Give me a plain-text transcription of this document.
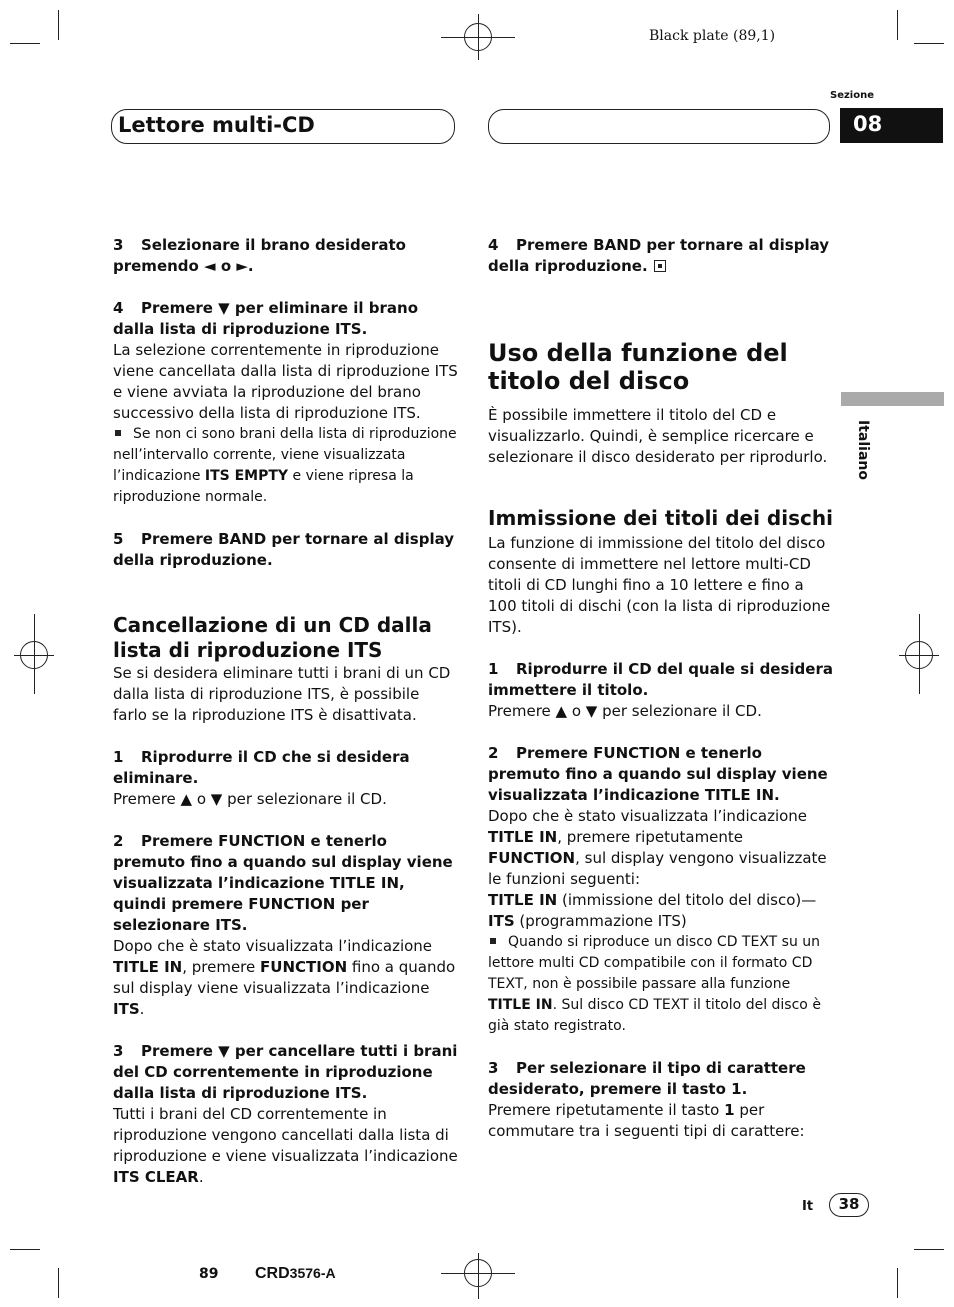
Black plate (89,1)
Sezione
Lettore multi-CD	08
Italiano

3 Selezionare il brano desiderato premendo ◄ o ►.

4 Premere ▼ per eliminare il brano dalla lista di riproduzione ITS.

La selezione correntemente in riproduzione viene cancellata dalla lista di riproduzione ITS e viene avviata la riproduzione del brano successivo della lista di riproduzione ITS.

Se non ci sono brani della lista di riproduzione nell’intervallo corrente, viene visualizzata l’indicazione ITS EMPTY e viene ripresa la riproduzione normale.

5 Premere BAND per tornare al display della riproduzione.

Cancellazione di un CD dalla lista di riproduzione ITS

Se si desidera eliminare tutti i brani di un CD dalla lista di riproduzione ITS, è possibile farlo se la riproduzione ITS è disattivata.

1 Riprodurre il CD che si desidera eliminare.

Premere ▲ o ▼ per selezionare il CD.

2 Premere FUNCTION e tenerlo premuto fino a quando sul display viene visualizzata l’indicazione TITLE IN, quindi premere FUNCTION per selezionare ITS.

Dopo che è stato visualizzata l’indicazione TITLE IN, premere FUNCTION fino a quando sul display viene visualizzata l’indicazione ITS.

3 Premere ▼ per cancellare tutti i brani del CD correntemente in riproduzione dalla lista di riproduzione ITS.

Tutti i brani del CD correntemente in riproduzione vengono cancellati dalla lista di riproduzione e viene visualizzata l’indicazione ITS CLEAR.

4 Premere BAND per tornare al display della riproduzione.

Uso della funzione del titolo del disco

È possibile immettere il titolo del CD e visualizzarlo. Quindi, è semplice ricercare e selezionare il disco desiderato per riprodurlo.

Immissione dei titoli dei dischi

La funzione di immissione del titolo del disco consente di immettere nel lettore multi-CD titoli di CD lunghi fino a 10 lettere e fino a 100 titoli di dischi (con la lista di riproduzione ITS).

1 Riprodurre il CD del quale si desidera immettere il titolo.

Premere ▲ o ▼ per selezionare il CD.

2 Premere FUNCTION e tenerlo premuto fino a quando sul display viene visualizzata l’indicazione TITLE IN.

Dopo che è stato visualizzata l’indicazione TITLE IN, premere ripetutamente FUNCTION, sul display vengono visualizzate le funzioni seguenti:

TITLE IN (immissione del titolo del disco)—ITS (programmazione ITS)

Quando si riproduce un disco CD TEXT su un lettore multi CD compatibile con il formato CD TEXT, non è possibile passare alla funzione TITLE IN. Sul disco CD TEXT il titolo del disco è già stato registrato.

3 Per selezionare il tipo di carattere desiderato, premere il tasto 1.

Premere ripetutamente il tasto 1 per commutare tra i seguenti tipi di carattere:

It	38
89 CRD3576-A
